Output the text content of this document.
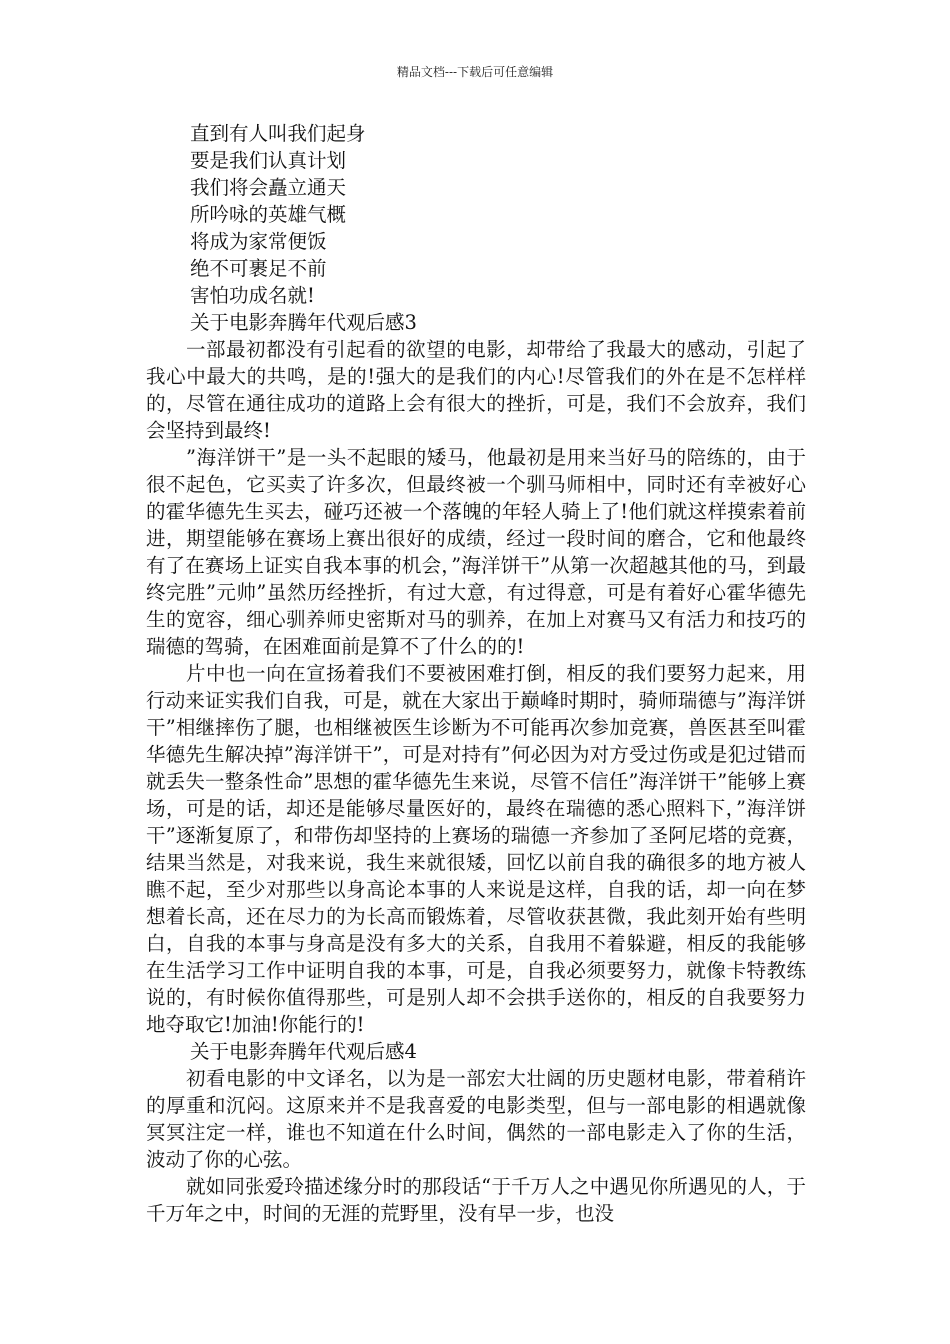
精品文档---下载后可任意编辑
直到有人叫我们起身
要是我们认真计划
我们将会矗立通天
所吟咏的英雄气概
将成为家常便饭
绝不可裹足不前
害怕功成名就!
关于电影奔腾年代观后感3

一部最初都没有引起看的欲望的电影，却带给了我最大的感动，引起了我心中最大的共鸣，是的!强大的是我们的内心!尽管我们的外在是不怎样样的，尽管在通往成功的道路上会有很大的挫折，可是，我们不会放弃，我们会坚持到最终!

”海洋饼干”是一头不起眼的矮马，他最初是用来当好马的陪练的，由于很不起色，它买卖了许多次，但最终被一个驯马师相中，同时还有幸被好心的霍华德先生买去，碰巧还被一个落魄的年轻人骑上了!他们就这样摸索着前进，期望能够在赛场上赛出很好的成绩，经过一段时间的磨合，它和他最终有了在赛场上证实自我本事的机会，”海洋饼干”从第一次超越其他的马，到最终完胜”元帅”虽然历经挫折，有过大意，有过得意，可是有着好心霍华德先生的宽容，细心驯养师史密斯对马的驯养，在加上对赛马又有活力和技巧的瑞德的驾骑，在困难面前是算不了什么的的!

片中也一向在宣扬着我们不要被困难打倒，相反的我们要努力起来，用行动来证实我们自我，可是，就在大家出于巅峰时期时，骑师瑞德与”海洋饼干”相继摔伤了腿，也相继被医生诊断为不可能再次参加竞赛，兽医甚至叫霍华德先生解决掉”海洋饼干”，可是对持有”何必因为对方受过伤或是犯过错而就丢失一整条性命”思想的霍华德先生来说，尽管不信任”海洋饼干”能够上赛场，可是的话，却还是能够尽量医好的，最终在瑞德的悉心照料下，”海洋饼干”逐渐复原了，和带伤却坚持的上赛场的瑞德一齐参加了圣阿尼塔的竞赛，结果当然是，对我来说，我生来就很矮，回忆以前自我的确很多的地方被人瞧不起，至少对那些以身高论本事的人来说是这样，自我的话，却一向在梦想着长高，还在尽力的为长高而锻炼着，尽管收获甚微，我此刻开始有些明白，自我的本事与身高是没有多大的关系，自我用不着躲避，相反的我能够在生活学习工作中证明自我的本事，可是，自我必须要努力，就像卡特教练说的，有时候你值得那些，可是别人却不会拱手送你的，相反的自我要努力地夺取它!加油!你能行的!

关于电影奔腾年代观后感4

初看电影的中文译名，以为是一部宏大壮阔的历史题材电影，带着稍许的厚重和沉闷。这原来并不是我喜爱的电影类型，但与一部电影的相遇就像冥冥注定一样，谁也不知道在什么时间，偶然的一部电影走入了你的生活，波动了你的心弦。

就如同张爱玲描述缘分时的那段话“于千万人之中遇见你所遇见的人，于千万年之中，时间的无涯的荒野里，没有早一步，也没
